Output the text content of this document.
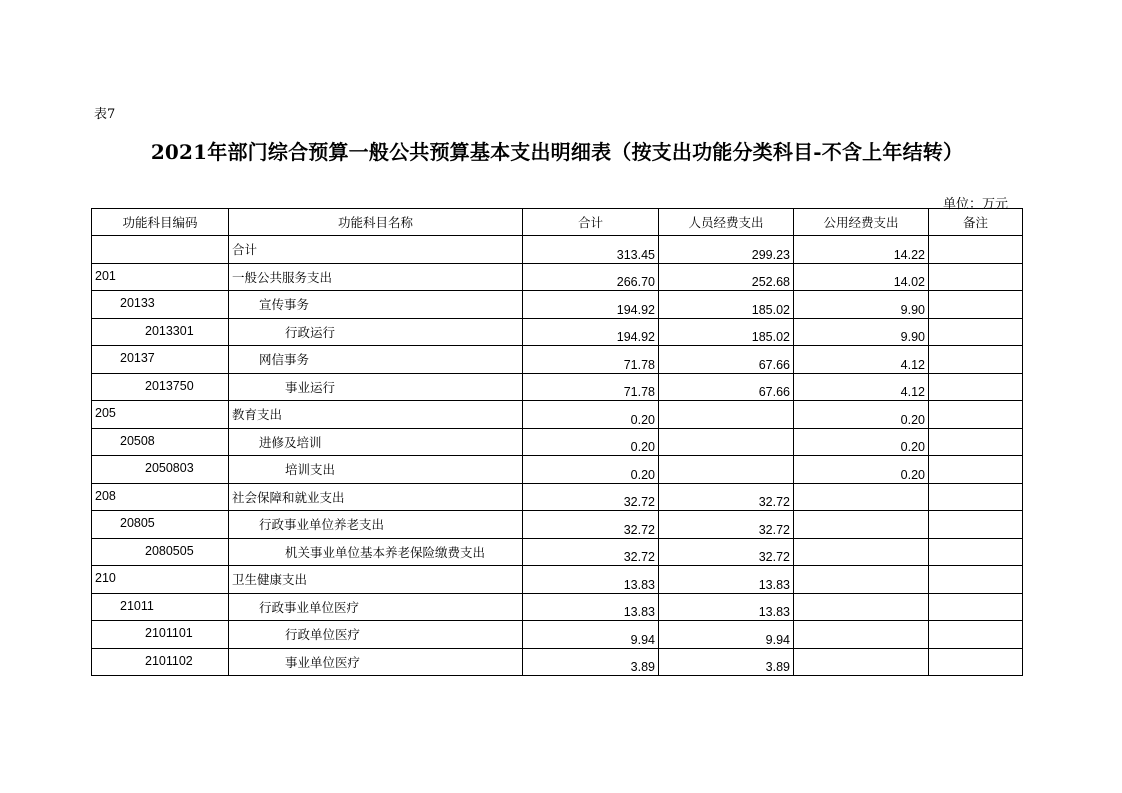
表7
2021年部门综合预算一般公共预算基本支出明细表（按支出功能分类科目-不含上年结转）
单位：万元
功能科目编码	功能科目名称	合计	人员经费支出	公用经费支出	备注
	合计	313.45	299.23	14.22	
201	一般公共服务支出	266.70	252.68	14.02	
20133	宣传事务	194.92	185.02	9.90	
2013301	行政运行	194.92	185.02	9.90	
20137	网信事务	71.78	67.66	4.12	
2013750	事业运行	71.78	67.66	4.12	
205	教育支出	0.20		0.20	
20508	进修及培训	0.20		0.20	
2050803	培训支出	0.20		0.20	
208	社会保障和就业支出	32.72	32.72		
20805	行政事业单位养老支出	32.72	32.72		
2080505	机关事业单位基本养老保险缴费支出	32.72	32.72		
210	卫生健康支出	13.83	13.83		
21011	行政事业单位医疗	13.83	13.83		
2101101	行政单位医疗	9.94	9.94		
2101102	事业单位医疗	3.89	3.89		
